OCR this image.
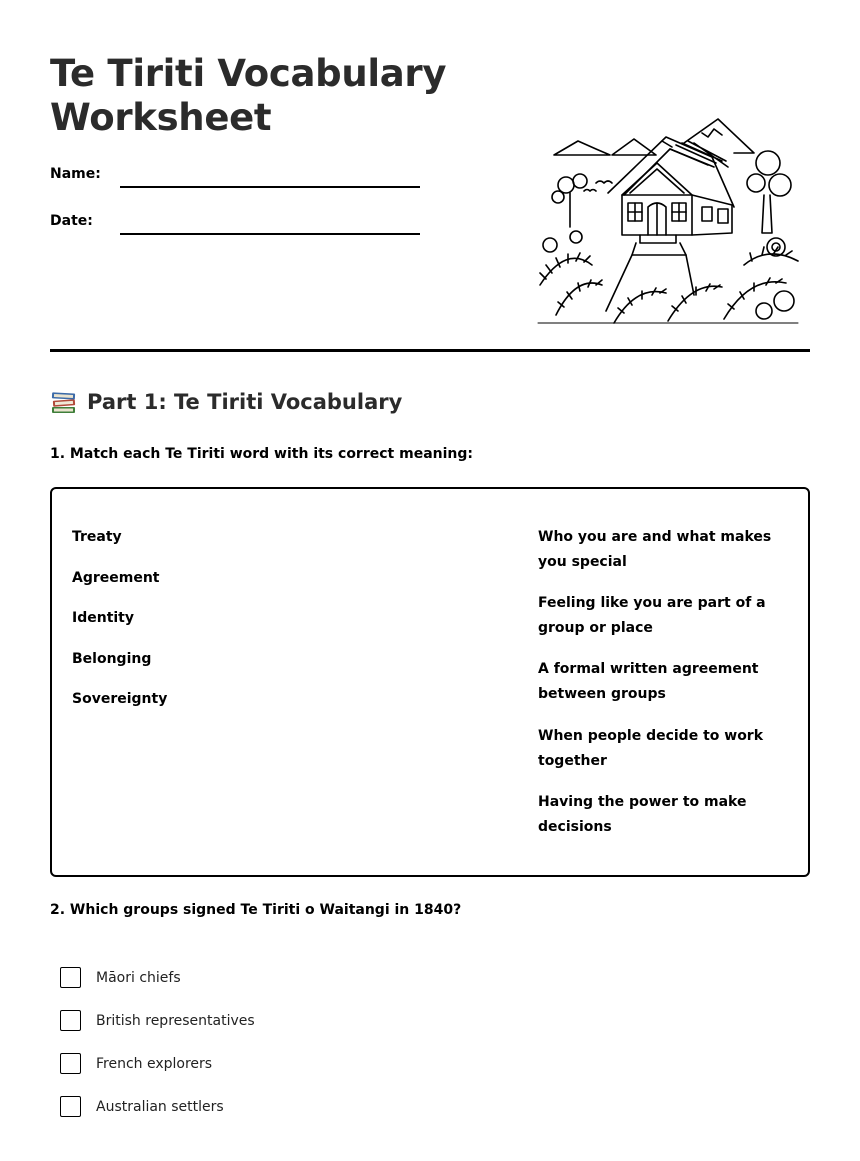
Te Tiriti Vocabulary
Worksheet
Name:
Date:
Part 1: Te Tiriti Vocabulary
1. Match each Te Tiriti word with its correct meaning:
Treaty
Agreement
Identity
Belonging
Sovereignty
Who you are and what makes
you special
Feeling like you are part of a
group or place
A formal written agreement
between groups
When people decide to work
together
Having the power to make
decisions
2. Which groups signed Te Tiriti o Waitangi in 1840?
Māori chiefs
British representatives
French explorers
Australian settlers
